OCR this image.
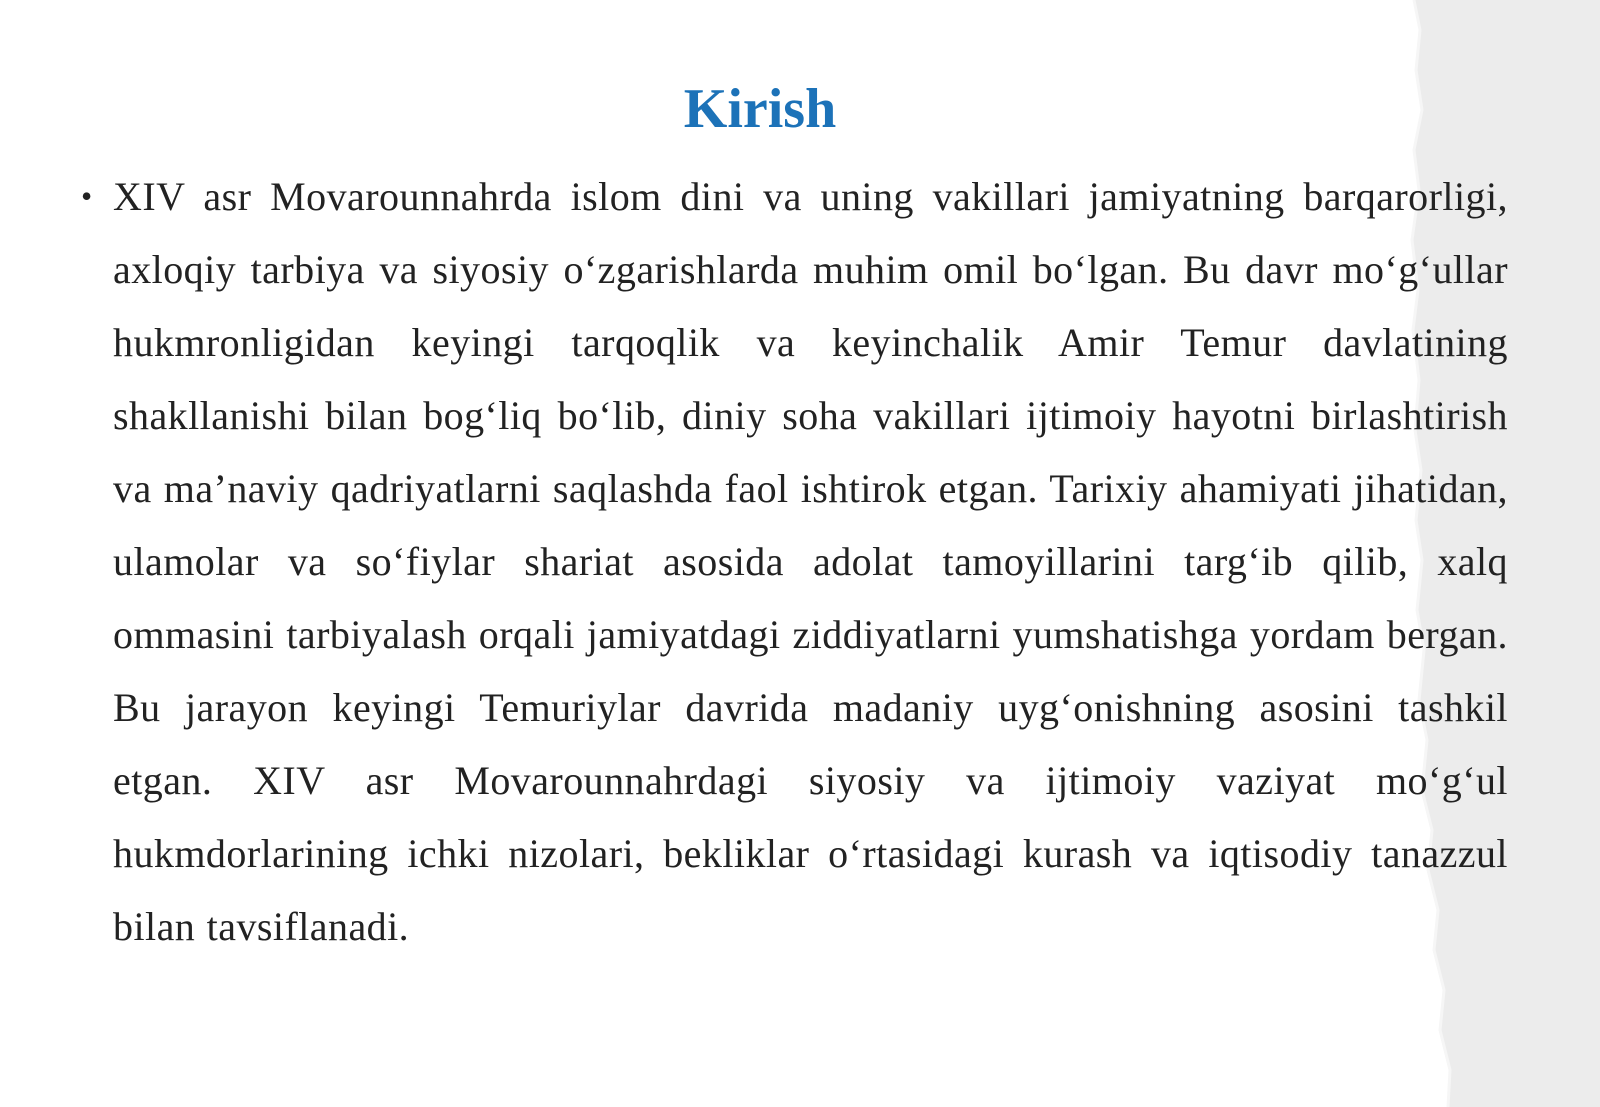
Kirish
• XIV asr Movarounnahrda islom dini va uning vakillari jamiyatning barqarorligi, axloqiy tarbiya va siyosiy o‘zgarishlarda muhim omil bo‘lgan. Bu davr mo‘g‘ullar hukmronligidan keyingi tarqoqlik va keyinchalik Amir Temur davlatining shakllanishi bilan bog‘liq bo‘lib, diniy soha vakillari ijtimoiy hayotni birlashtirish va ma’naviy qadriyatlarni saqlashda faol ishtirok etgan. Tarixiy ahamiyati jihatidan, ulamolar va so‘fiylar shariat asosida adolat tamoyillarini targ‘ib qilib, xalq ommasini tarbiyalash orqali jamiyatdagi ziddiyatlarni yumshatishga yordam bergan. Bu jarayon keyingi Temuriylar davrida madaniy uyg‘onishning asosini tashkil etgan. XIV asr Movarounnahrdagi siyosiy va ijtimoiy vaziyat mo‘g‘ul hukmdorlarining ichki nizolari, bekliklar o‘rtasidagi kurash va iqtisodiy tanazzul bilan tavsiflanadi.
